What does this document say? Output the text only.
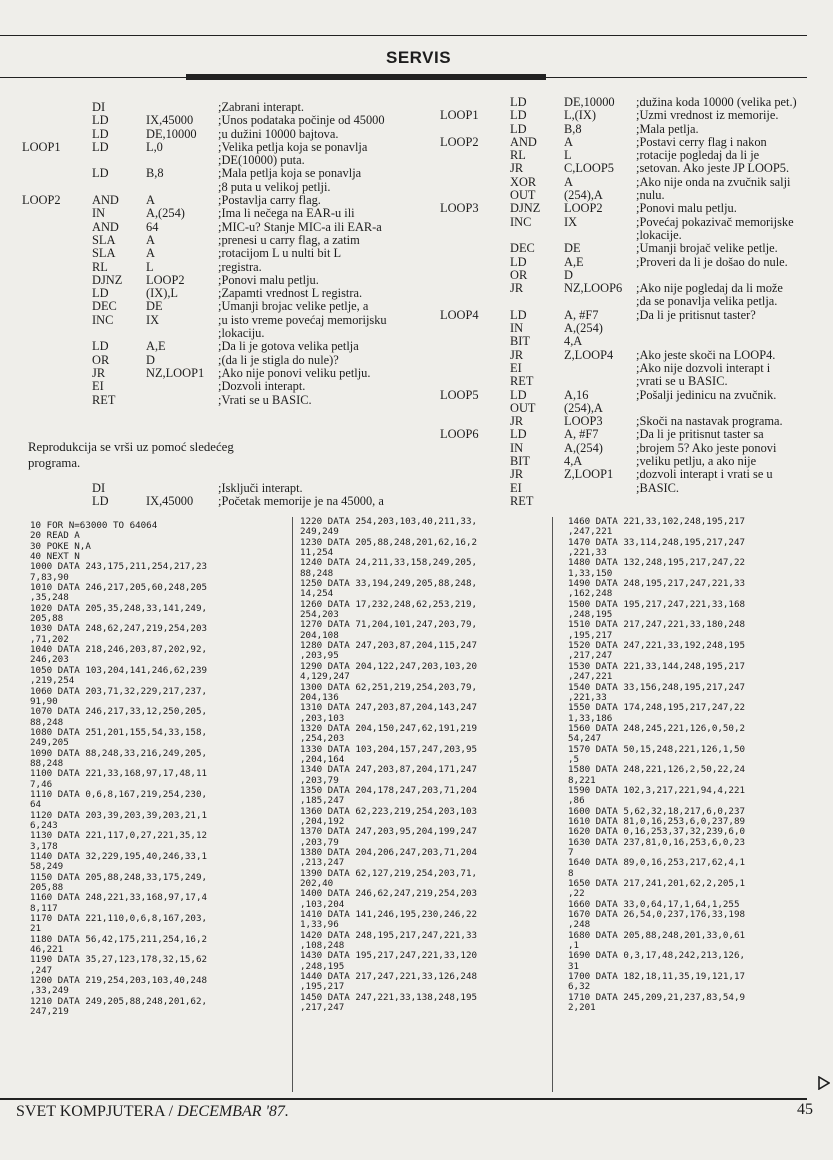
SERVIS
DI	;Zabrani interapt.
LD	IX,45000 ;Unos podataka počinje od 45000
LD	DE,10000 ;u dužini 10000 bajtova.
LOOP1	LD	L,0	;Velika petlja koja se ponavlja
;DE(10000) puta.
LD	B,8	;Mala petlja koja se ponavlja
;8 puta u velikoj petlji.
LOOP2	AND A	;Postavlja carry flag.
IN	A,(254)	;Ima li nečega na EAR-u ili
AND 64	;MIC-u? Stanje MIC-a ili EAR-a
SLA A	;prenesi u carry flag, a zatim
SLA A	;rotacijom L u nulti bit L
RL	L	;registra.
DJNZ LOOP2	;Ponovi malu petlju.
LD	(IX),L	;Zapamti vrednost L registra.
DEC DE	;Umanji brojac velike petlje, a
INC	IX	;u isto vreme povećaj memorijsku
;lokaciju.
LD	A,E	;Da li je gotova velika petlja
OR	D	;(da li je stigla do nule)?
JR	NZ,LOOP1 ;Ako nije ponovi veliku petlju.
EI	;Dozvoli interapt.
RET	;Vrati se u BASIC.
Reprodukcija se vrši uz pomoć sledećeg programa.
DI	;Isključi interapt.
LD	IX,45000 ;Početak memorije je na 45000, a
LD	DE,10000 ;dužina koda 10000 (velika pet.)
LOOP1	LD	L,(IX)	;Uzmi vrednost iz memorije.
LD	B,8	;Mala petlja.
LOOP2	AND A	;Postavi cerry flag i nakon
RL	L	;rotacije pogledaj da li je
JR	C,LOOP5 ;setovan. Ako jeste JP LOOP5.
XOR A	;Ako nije onda na zvučnik salji
OUT (254),A	;nulu.
LOOP3	DJNZ LOOP2	;Ponovi malu petlju.
INC	IX	;Povećaj pokazivač memorijske
;lokacije.
DEC DE	;Umanji brojač velike petlje.
LD	A,E	;Proveri da li je došao do nule.
OR	D
JR	NZ,LOOP6 ;Ako nije pogledaj da li može
;da se ponavlja velika petlja.
LOOP4	LD	A, #F7	;Da li je pritisnut taster?
IN	A,(254)
BIT	4,A
JR	Z,LOOP4 ;Ako jeste skoči na LOOP4.
EI	;Ako nije dozvoli interapt i
RET	;vrati se u BASIC.
LOOP5	LD	A,16	;Pošalji jedinicu na zvučnik.
OUT (254),A
JR	LOOP3	;Skoči na nastavak programa.
LOOP6	LD	A, #F7	;Da li je pritisnut taster sa
IN	A,(254)	;brojem 5? Ako jeste ponovi
BIT	4,A	;veliku petlju, a ako nije
JR	Z,LOOP1 ;dozvoli interapt i vrati se u
EI	;BASIC.
RET
10 FOR N=63000 TO 64064
20 READ A
30 POKE N,A
40 NEXT N
1000 DATA 243,175,211,254,217,23
7,83,90
1010 DATA 246,217,205,60,248,205
,35,248
1020 DATA 205,35,248,33,141,249,
205,88
1030 DATA 248,62,247,219,254,203
,71,202
1040 DATA 218,246,203,87,202,92,
246,203
1050 DATA 103,204,141,246,62,239
,219,254
1060 DATA 203,71,32,229,217,237,
91,90
1070 DATA 246,217,33,12,250,205,
88,248
1080 DATA 251,201,155,54,33,158,
249,205
1090 DATA 88,248,33,216,249,205,
88,248
1100 DATA 221,33,168,97,17,48,11
7,46
1110 DATA 0,6,8,167,219,254,230,
64
1120 DATA 203,39,203,39,203,21,1
6,243
1130 DATA 221,117,0,27,221,35,12
3,178
1140 DATA 32,229,195,40,246,33,1
58,249
1150 DATA 205,88,248,33,175,249,
205,88
1160 DATA 248,221,33,168,97,17,4
8,117
1170 DATA 221,110,0,6,8,167,203,
21
1180 DATA 56,42,175,211,254,16,2
46,221
1190 DATA 35,27,123,178,32,15,62
,247
1200 DATA 219,254,203,103,40,248
,33,249
1210 DATA 249,205,88,248,201,62,
247,219
1220 DATA 254,203,103,40,211,33,
249,249
1230 DATA 205,88,248,201,62,16,2
11,254
1240 DATA 24,211,33,158,249,205,
88,248
1250 DATA 33,194,249,205,88,248,
14,254
1260 DATA 17,232,248,62,253,219,
254,203
1270 DATA 71,204,101,247,203,79,
204,108
1280 DATA 247,203,87,204,115,247
,203,95
1290 DATA 204,122,247,203,103,20
4,129,247
1300 DATA 62,251,219,254,203,79,
204,136
1310 DATA 247,203,87,204,143,247
,203,103
1320 DATA 204,150,247,62,191,219
,254,203
1330 DATA 103,204,157,247,203,95
,204,164
1340 DATA 247,203,87,204,171,247
,203,79
1350 DATA 204,178,247,203,71,204
,185,247
1360 DATA 62,223,219,254,203,103
,204,192
1370 DATA 247,203,95,204,199,247
,203,79
1380 DATA 204,206,247,203,71,204
,213,247
1390 DATA 62,127,219,254,203,71,
202,40
1400 DATA 246,62,247,219,254,203
,103,204
1410 DATA 141,246,195,230,246,22
1,33,96
1420 DATA 248,195,217,247,221,33
,108,248
1430 DATA 195,217,247,221,33,120
,248,195
1440 DATA 217,247,221,33,126,248
,195,217
1450 DATA 247,221,33,138,248,195
,217,247
1460 DATA 221,33,102,248,195,217
,247,221
1470 DATA 33,114,248,195,217,247
,221,33
1480 DATA 132,248,195,217,247,22
1,33,150
1490 DATA 248,195,217,247,221,33
,162,248
1500 DATA 195,217,247,221,33,168
,248,195
1510 DATA 217,247,221,33,180,248
,195,217
1520 DATA 247,221,33,192,248,195
,217,247
1530 DATA 221,33,144,248,195,217
,247,221
1540 DATA 33,156,248,195,217,247
,221,33
1550 DATA 174,248,195,217,247,22
1,33,186
1560 DATA 248,245,221,126,0,50,2
54,247
1570 DATA 50,15,248,221,126,1,50
,5
1580 DATA 248,221,126,2,50,22,24
8,221
1590 DATA 102,3,217,221,94,4,221
,86
1600 DATA 5,62,32,18,217,6,0,237
1610 DATA 81,0,16,253,6,0,237,89
1620 DATA 0,16,253,37,32,239,6,0
1630 DATA 237,81,0,16,253,6,0,23
7
1640 DATA 89,0,16,253,217,62,4,1
8
1650 DATA 217,241,201,62,2,205,1
,22
1660 DATA 33,0,64,17,1,64,1,255
1670 DATA 26,54,0,237,176,33,198
,248
1680 DATA 205,88,248,201,33,0,61
,1
1690 DATA 0,3,17,48,242,213,126,
31
1700 DATA 182,18,11,35,19,121,17
6,32
1710 DATA 245,209,21,237,83,54,9
2,201
SVET KOMPJUTERA / DECEMBAR '87.	45
